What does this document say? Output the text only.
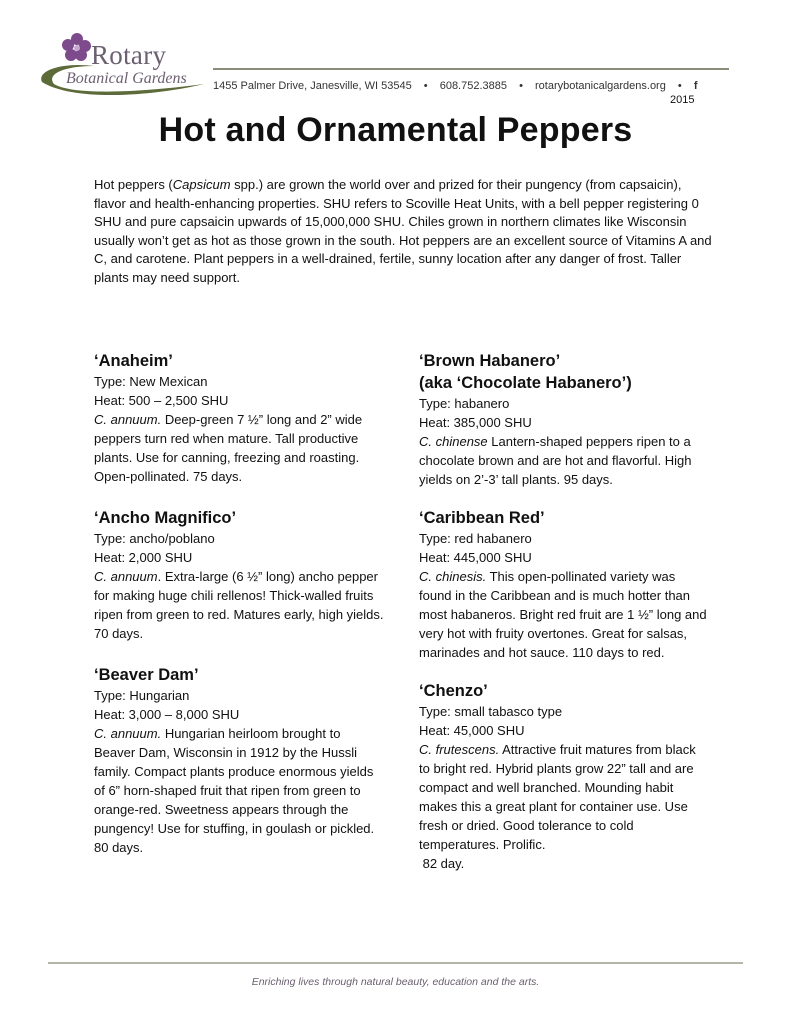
Rotary
Botanical Gardens 1455 Palmer Drive, Janesville, WI 53545 • 608.752.3885 • rotarybotanicalgardens.org • f
2015
Hot and Ornamental Peppers

Hot peppers (Capsicum spp.) are grown the world over and prized for their pungency (from capsaicin), flavor and health-enhancing properties. SHU refers to Scoville Heat Units, with a bell pepper registering 0 SHU and pure capsaicin upwards of 15,000,000 SHU. Chiles grown in northern climates like Wisconsin usually won’t get as hot as those grown in the south. Hot peppers are an excellent source of Vitamins A and C, and carotene. Plant peppers in a well-drained, fertile, sunny location after any danger of frost. Taller plants may need support.

‘Anaheim’
Type: New Mexican
Heat: 500 – 2,500 SHU
C. annuum. Deep-green 7 ½” long and 2” wide peppers turn red when mature. Tall productive plants. Use for canning, freezing and roasting. Open-pollinated. 75 days.
‘Ancho Magnifico’
Type: ancho/poblano
Heat: 2,000 SHU
C. annuum. Extra-large (6 ½” long) ancho pepper for making huge chili rellenos! Thick-walled fruits ripen from green to red. Matures early, high yields. 70 days.
‘Beaver Dam’
Type: Hungarian
Heat: 3,000 – 8,000 SHU
C. annuum. Hungarian heirloom brought to Beaver Dam, Wisconsin in 1912 by the Hussli family. Compact plants produce enormous yields of 6” horn-shaped fruit that ripen from green to orange-red. Sweetness appears through the pungency! Use for stuffing, in goulash or pickled. 80 days.
‘Brown Habanero’
(aka ‘Chocolate Habanero’)
Type: habanero
Heat: 385,000 SHU
C. chinense Lantern-shaped peppers ripen to a chocolate brown and are hot and flavorful. High yields on 2’-3’ tall plants. 95 days.
‘Caribbean Red’
Type: red habanero
Heat: 445,000 SHU
C. chinesis. This open-pollinated variety was found in the Caribbean and is much hotter than most habaneros. Bright red fruit are 1 ½” long and very hot with fruity overtones. Great for salsas, marinades and hot sauce. 110 days to red.
‘Chenzo’
Type: small tabasco type
Heat: 45,000 SHU
C. frutescens. Attractive fruit matures from black to bright red. Hybrid plants grow 22” tall and are compact and well branched. Mounding habit makes this a great plant for container use. Use fresh or dried. Good tolerance to cold temperatures. Prolific.
82 day.
Enriching lives through natural beauty, education and the arts.
